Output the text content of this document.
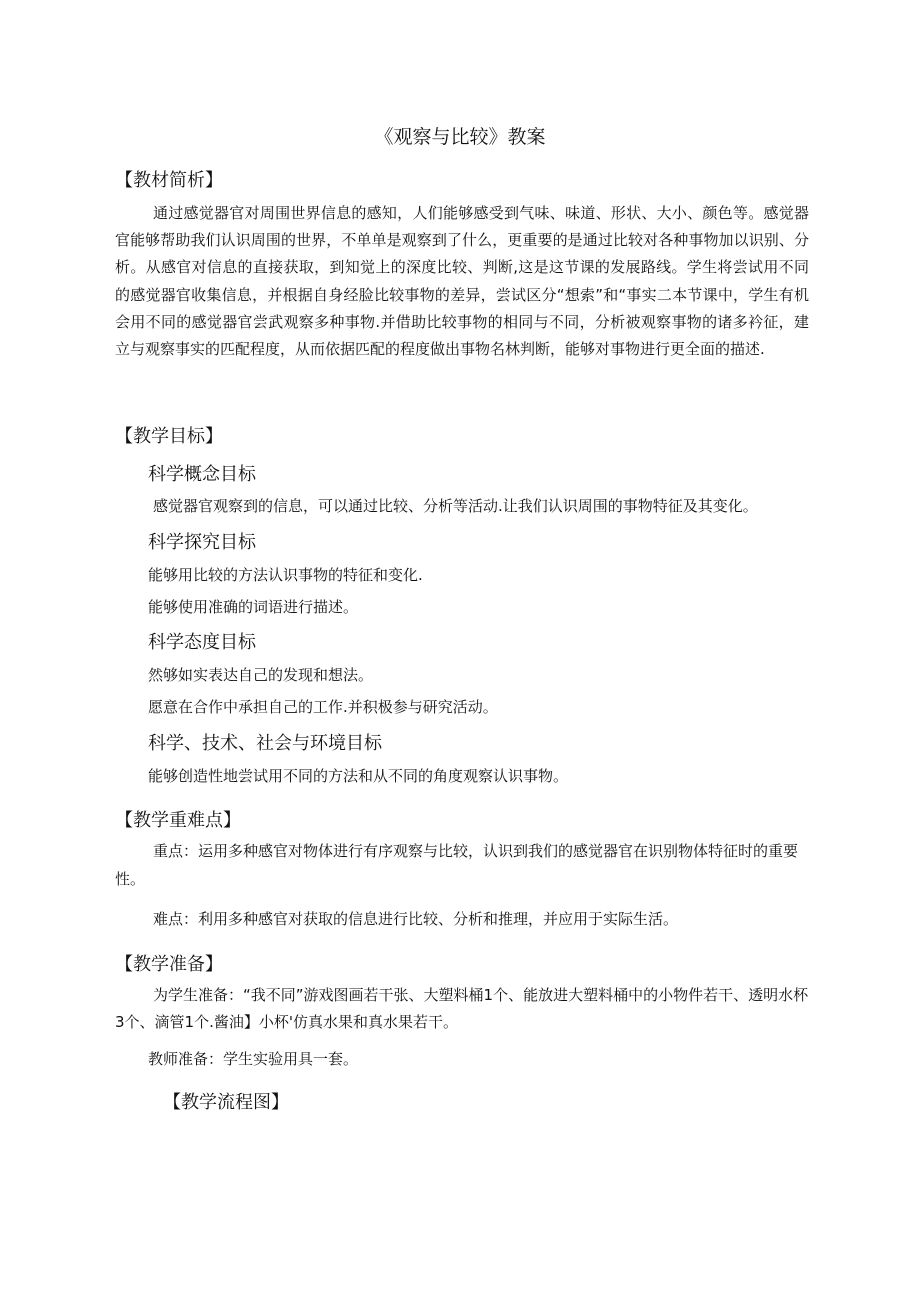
《观察与比较》教案
【教材简析】

通过感觉器官对周围世界信息的感知，人们能够感受到气味、味道、形状、大小、颜色等。感觉器官能够帮助我们认识周围的世界，不单单是观察到了什么，更重要的是通过比较对各种事物加以识别、分析。从感官对信息的直接获取，到知觉上的深度比较、判断,这是这节课的发展路线。学生将尝试用不同的感觉器官收集信息，并根据自身经脸比较事物的差异，尝试区分“想索”和“事实二本节课中，学生有机会用不同的感觉器官尝武观察多种事物.并借助比较事物的相同与不同，分析被观察事物的诸多衿征，建立与观察事实的匹配程度，从而依据匹配的程度做出事物名林判断，能够对事物进行更全面的描述.

【教学目标】
科学概念目标
感觉器官观察到的信息，可以通过比较、分析等活动.让我们认识周围的事物特征及其变化。
科学探究目标
能够用比较的方法认识事物的特征和变化.
能够使用准确的词语进行描述。
科学态度目标
然够如实表达自己的发现和想法。
愿意在合作中承担自己的工作.并积极参与研究活动。
科学、技术、社会与环境目标
能够创造性地尝试用不同的方法和从不同的角度观察认识事物。
【教学重难点】

重点：运用多种感官对物体进行有序观察与比较，认识到我们的感觉器官在识别物体特征时的重要性。

难点：利用多种感官对获取的信息进行比较、分析和推理，并应用于实际生活。
【教学准备】

为学生准备：“我不同”游戏图画若干张、大塑料桶1个、能放进大塑料桶中的小物件若干、透明水杯3个、滴管1个.酱油】小杯'仿真水果和真水果若干。

教师准备：学生实验用具一套。
【教学流程图】
